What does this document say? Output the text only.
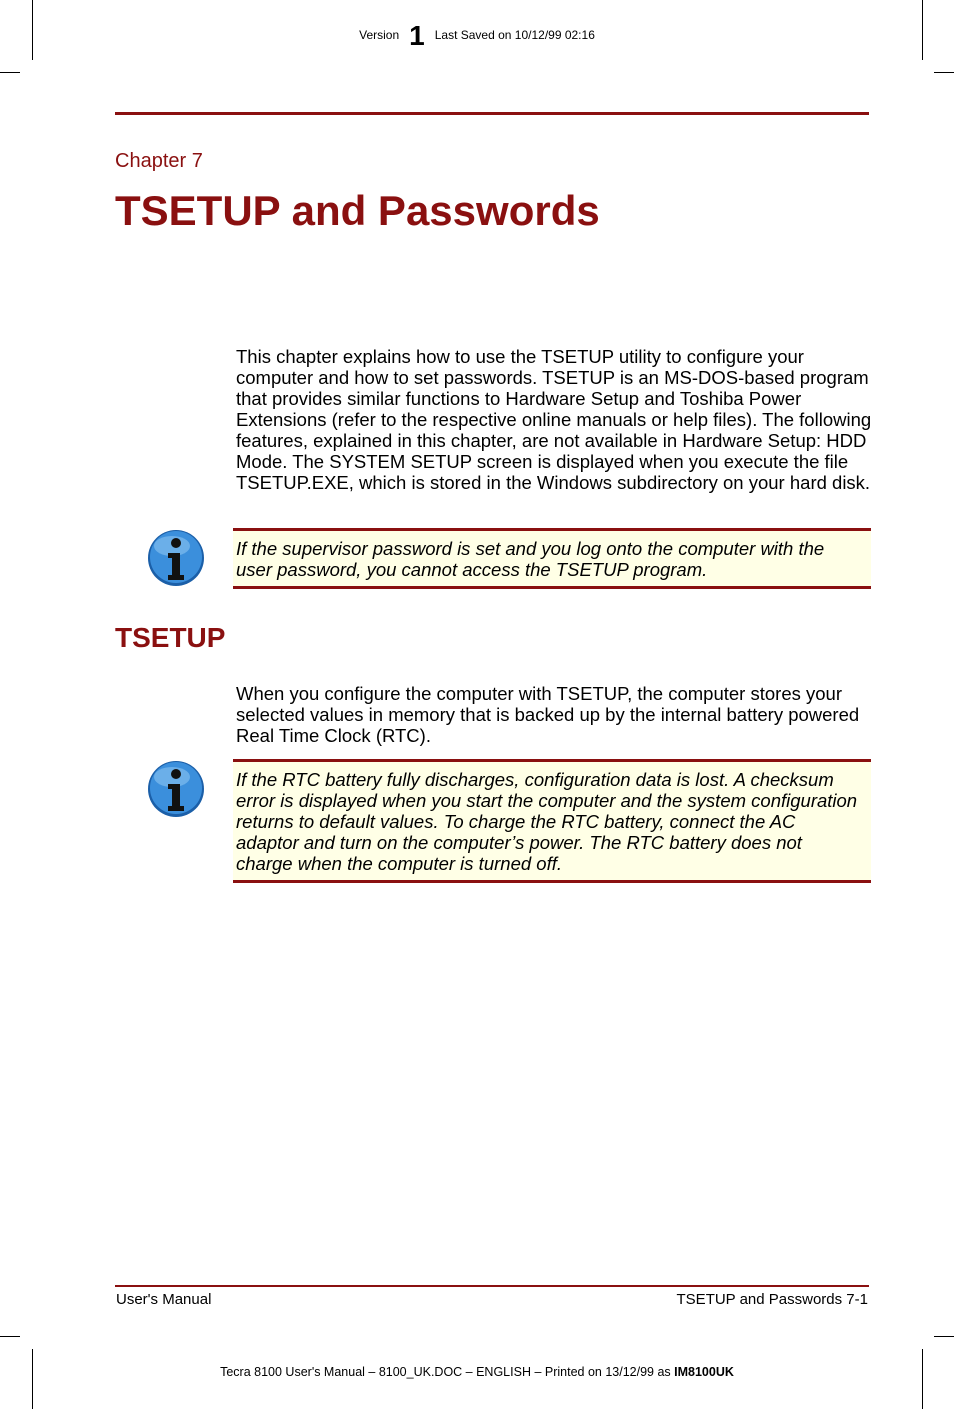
Version 1 Last Saved on 10/12/99 02:16
Chapter 7
TSETUP and Passwords

This chapter explains how to use the TSETUP utility to configure your computer and how to set passwords. TSETUP is an MS-DOS-based program that provides similar functions to Hardware Setup and Toshiba Power Extensions (refer to the respective online manuals or help files). The following features, explained in this chapter, are not available in Hardware Setup: HDD Mode. The SYSTEM SETUP screen is displayed when you execute the file TSETUP.EXE, which is stored in the Windows subdirectory on your hard disk.

If the supervisor password is set and you log onto the computer with the user password, you cannot access the TSETUP program.

TSETUP

When you configure the computer with TSETUP, the computer stores your selected values in memory that is backed up by the internal battery powered Real Time Clock (RTC).

If the RTC battery fully discharges, configuration data is lost. A checksum error is displayed when you start the computer and the system configuration returns to default values. To charge the RTC battery, connect the AC adaptor and turn on the computer’s power. The RTC battery does not charge when the computer is turned off.

User's Manual	TSETUP and Passwords 7-1
Tecra 8100 User's Manual – 8100_UK.DOC – ENGLISH – Printed on 13/12/99 as IM8100UK
